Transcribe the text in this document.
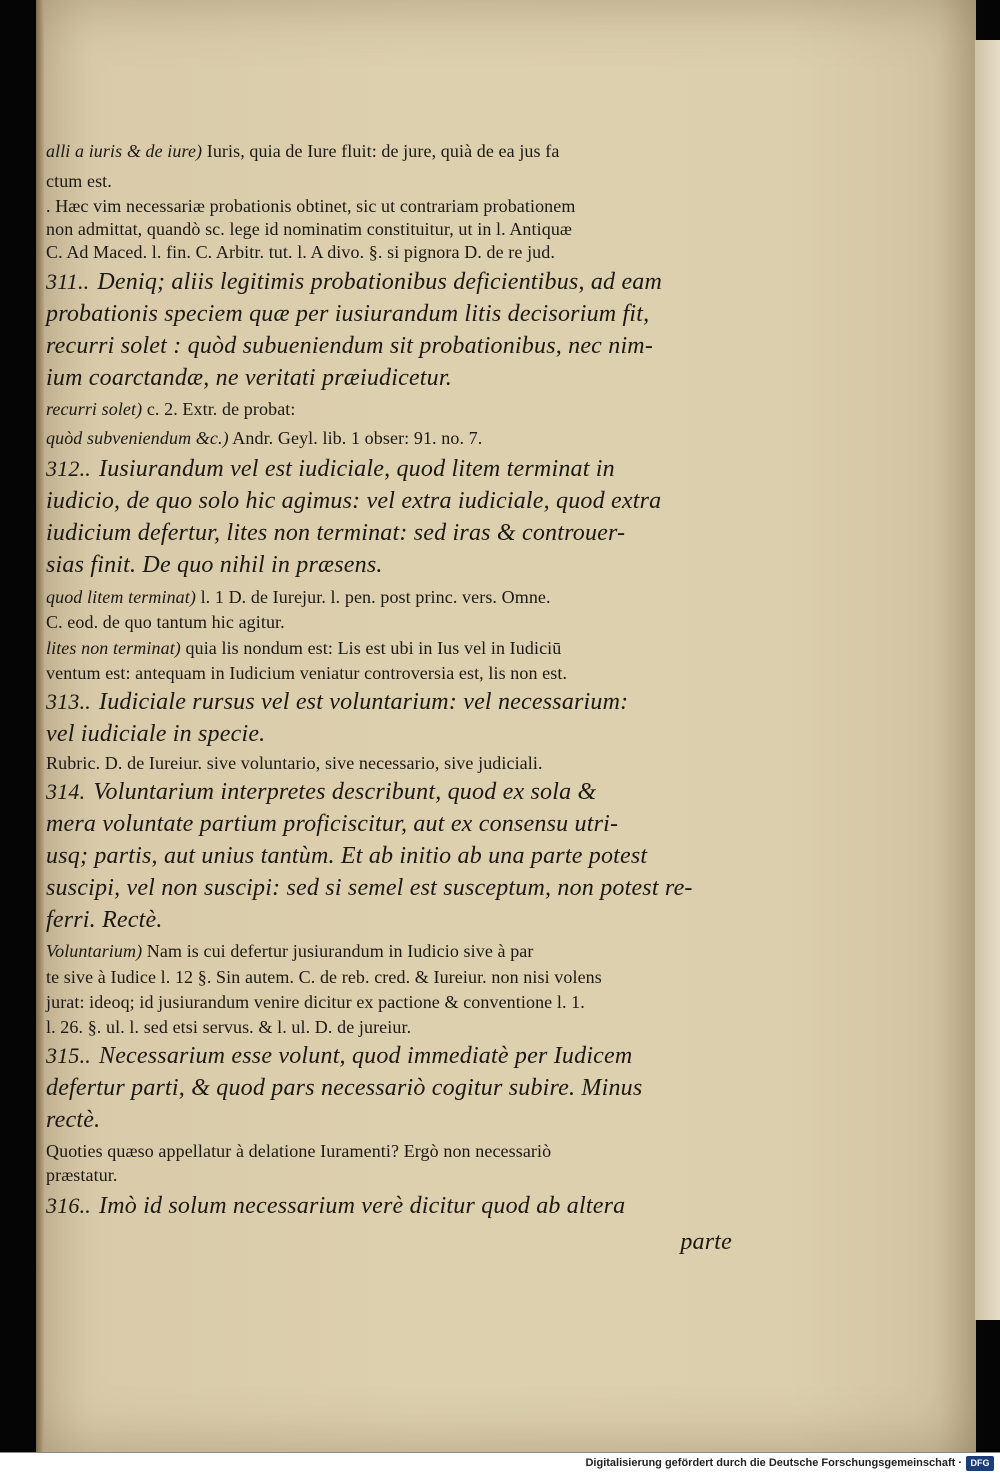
alli a iuris & de iure) Iuris, quia de Iure fluit: de jure, quià de ea jus fa
ctum est.
. Hæc vim necessariæ probationis obtinet, sic ut contrariam probationem
non admittat, quandò sc. lege id nominatim constituitur, ut in l. Antiquæ
C. Ad Maced. l. fin. C. Arbitr. tut. l. A divo. §. si pignora D. de re jud.
311.. Deniq; aliis legitimis probationibus deficientibus, ad eam
probationis speciem quæ per iusiurandum litis decisorium fit,
recurri solet : quòd subueniendum sit probationibus, nec nim-
ium coarctandæ, ne veritati præiudicetur.
recurri solet) c. 2. Extr. de probat:
quòd subveniendum &c.) Andr. Geyl. lib. 1 obser: 91. no. 7.
312.. Iusiurandum vel est iudiciale, quod litem terminat in
iudicio, de quo solo hic agimus: vel extra iudiciale, quod extra
iudicium defertur, lites non terminat: sed iras & controuer-
sias finit. De quo nihil in præsens.
quod litem terminat) l. 1 D. de Iurejur. l. pen. post princ. vers. Omne.
C. eod. de quo tantum hic agitur.
lites non terminat) quia lis nondum est: Lis est ubi in Ius vel in Iudiciū
ventum est: antequam in Iudicium veniatur controversia est, lis non est.
313.. Iudiciale rursus vel est voluntarium: vel necessarium:
vel iudiciale in specie.
Rubric. D. de Iureiur. sive voluntario, sive necessario, sive judiciali.
314. Voluntarium interpretes describunt, quod ex sola &
mera voluntate partium proficiscitur, aut ex consensu utri-
usq; partis, aut unius tantùm. Et ab initio ab una parte potest
suscipi, vel non suscipi: sed si semel est susceptum, non potest re-
ferri. Rectè.
Voluntarium) Nam is cui defertur jusiurandum in Iudicio sive à par
te sive à Iudice l. 12 §. Sin autem. C. de reb. cred. & Iureiur. non nisi volens
jurat: ideoq; id jusiurandum venire dicitur ex pactione & conventione l. 1.
l. 26. §. ul. l. sed etsi servus. & l. ul. D. de jureiur.
315.. Necessarium esse volunt, quod immediatè per Iudicem
defertur parti, & quod pars necessariò cogitur subire. Minus
rectè.
Quoties quæso appellatur à delatione Iuramenti? Ergò non necessariò
præstatur.
316.. Imò id solum necessarium verè dicitur quod ab altera
parte
Digitalisierung gefördert durch die Deutsche Forschungsgemeinschaft · DFG
